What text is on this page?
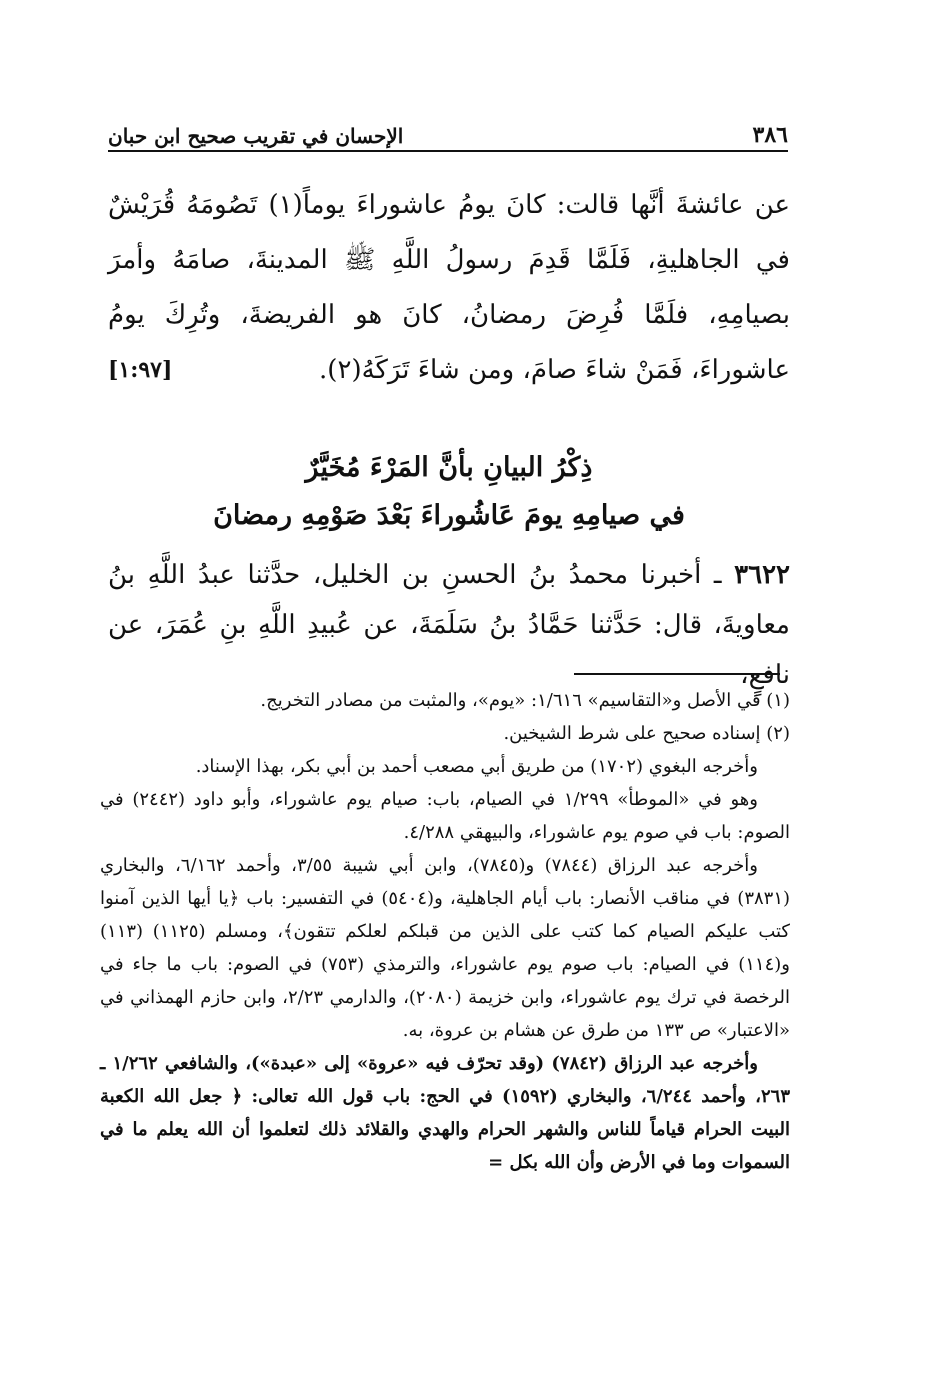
٣٨٦
الإحسان في تقريب صحيح ابن حبان
عن عائشةَ أنَّها قالت: كانَ يومُ عاشوراءَ يوماً(١) تَصُومَهُ قُرَيْشٌ في الجاهليةِ، فَلَمَّا قَدِمَ رسولُ اللَّهِ ﷺ المدينةَ، صامَهُ وأمرَ بصيامِهِ، فلَمَّا فُرِضَ رمضانُ، كانَ هو الفريضةَ، وتُرِكَ يومُ عاشوراءَ، فَمَنْ شاءَ صامَ، ومن شاءَ تَرَكَهُ(٢).
[١:٩٧]
ذِكْرُ البيانِ بأنَّ المَرْءَ مُخَيَّرٌ
في صيامِهِ يومَ عَاشُوراءَ بَعْدَ صَوْمِهِ رمضانَ
٣٦٢٢ ـ أخبرنا محمدُ بنُ الحسنِ بن الخليل، حدَّثنا عبدُ اللَّهِ بنُ معاويةَ، قال: حَدَّثنا حَمَّادُ بنُ سَلَمَةَ، عن عُبيدِ اللَّهِ بنِ عُمَرَ، عن نافعٍ،

(١) في الأصل و«التقاسيم» ١/٦١٦: «يوم»، والمثبت من مصادر التخريج.

(٢) إسناده صحيح على شرط الشيخين.

وأخرجه البغوي (١٧٠٢) من طريق أبي مصعب أحمد بن أبي بكر، بهذا الإسناد.

وهو في «الموطأ» ١/٢٩٩ في الصيام، باب: صيام يوم عاشوراء، وأبو داود (٢٤٤٢) في الصوم: باب في صوم يوم عاشوراء، والبيهقي ٤/٢٨٨.

وأخرجه عبد الرزاق (٧٨٤٤) و(٧٨٤٥)، وابن أبي شيبة ٣/٥٥، وأحمد ٦/١٦٢، والبخاري (٣٨٣١) في مناقب الأنصار: باب أيام الجاهلية، و(٥٤٠٤) في التفسير: باب ﴿يا أيها الذين آمنوا كتب عليكم الصيام كما كتب على الذين من قبلكم لعلكم تتقون﴾، ومسلم (١١٢٥) (١١٣) و(١١٤) في الصيام: باب صوم يوم عاشوراء، والترمذي (٧٥٣) في الصوم: باب ما جاء في الرخصة في ترك يوم عاشوراء، وابن خزيمة (٢٠٨٠)، والدارمي ٢/٢٣، وابن حازم الهمذاني في «الاعتبار» ص ١٣٣ من طرق عن هشام بن عروة، به.

وأخرجه عبد الرزاق (٧٨٤٢) (وقد تحرّف فيه «عروة» إلى «عبدة»)، والشافعي ١/٢٦٢ ـ ٢٦٣، وأحمد ٦/٢٤٤، والبخاري (١٥٩٢) في الحج: باب قول الله تعالى: ﴿ جعل الله الكعبة البيت الحرام قياماً للناس والشهر الحرام والهدي والقلائد ذلك لتعلموا أن الله يعلم ما في السموات وما في الأرض وأن الله بكل =
